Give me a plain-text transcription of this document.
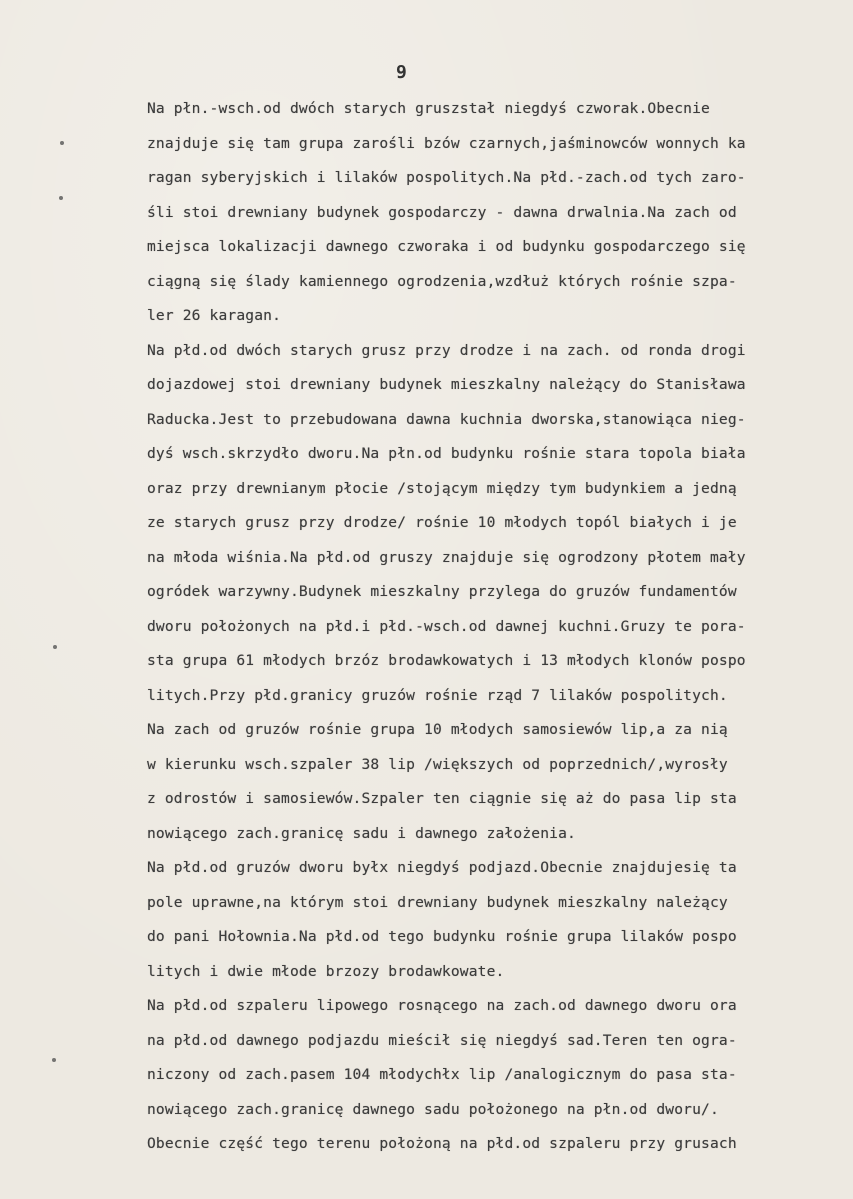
9
Na płn.-wsch.od dwóch starych gruszstał niegdyś czworak.Obecnie
znajduje się tam grupa zarośli bzów czarnych,jaśminowców wonnych ka
ragan syberyjskich i lilaków pospolitych.Na płd.-zach.od tych zaro-
śli stoi drewniany budynek gospodarczy - dawna drwalnia.Na zach od
miejsca lokalizacji dawnego czworaka i od budynku gospodarczego się
ciągną się ślady kamiennego ogrodzenia,wzdłuż których rośnie szpa-
ler 26 karagan.
Na płd.od dwóch starych grusz przy drodze i na zach. od ronda drogi
dojazdowej stoi drewniany budynek mieszkalny należący do Stanisława
Raducka.Jest to przebudowana dawna kuchnia dworska,stanowiąca nieg-
dyś wsch.skrzydło dworu.Na płn.od budynku rośnie stara topola biała
oraz przy drewnianym płocie /stojącym między tym budynkiem a jedną
ze starych grusz przy drodze/ rośnie 10 młodych topól białych i je
na młoda wiśnia.Na płd.od gruszy znajduje się ogrodzony płotem mały
ogródek warzywny.Budynek mieszkalny przylega do gruzów fundamentów
dworu położonych na płd.i płd.-wsch.od dawnej kuchni.Gruzy te pora-
sta grupa 61 młodych brzóz brodawkowatych i 13 młodych klonów pospo
litych.Przy płd.granicy gruzów rośnie rząd 7 lilaków pospolitych.
Na zach od gruzów rośnie grupa 10 młodych samosiewów lip,a za nią
w kierunku wsch.szpaler 38 lip /większych od poprzednich/,wyrosły
z odrostów i samosiewów.Szpaler ten ciągnie się aż do pasa lip sta
nowiącego zach.granicę sadu i dawnego założenia.
Na płd.od gruzów dworu byłx niegdyś podjazd.Obecnie znajdujesię ta
pole uprawne,na którym stoi drewniany budynek mieszkalny należący
do pani Hołownia.Na płd.od tego budynku rośnie grupa lilaków pospo
litych i dwie młode brzozy brodawkowate.
Na płd.od szpaleru lipowego rosnącego na zach.od dawnego dworu ora
na płd.od dawnego podjazdu mieścił się niegdyś sad.Teren ten ogra-
niczony od zach.pasem 104 młodychłx lip /analogicznym do pasa sta-
nowiącego zach.granicę dawnego sadu położonego na płn.od dworu/.
Obecnie część tego terenu położoną na płd.od szpaleru przy grusach
